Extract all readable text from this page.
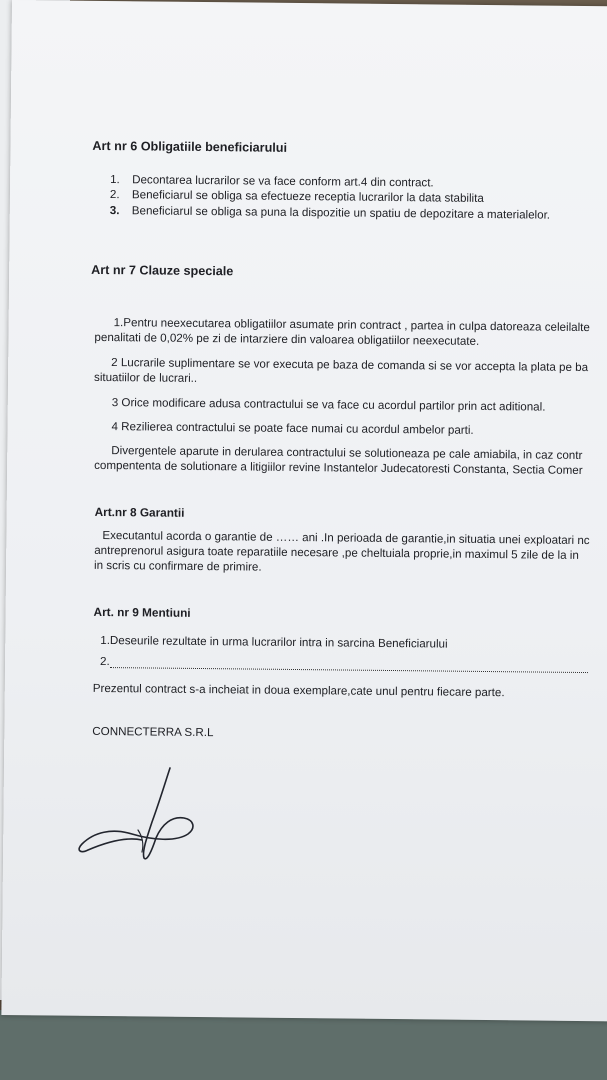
Art nr 6 Obligatiile beneficiarului
1. Decontarea lucrarilor se va face conform art.4 din contract.
2. Beneficiarul se obliga sa efectueze receptia lucrarilor la data stabilita
3. Beneficiarul se obliga sa puna la dispozitie un spatiu de depozitare a materialelor.
Art nr 7 Clauze speciale
1.Pentru neexecutarea obligatiilor asumate prin contract , partea in culpa datoreaza celeilalte
penalitati de 0,02% pe zi de intarziere din valoarea obligatiilor neexecutate.
2 Lucrarile suplimentare se vor executa pe baza de comanda si se vor accepta la plata pe ba
situatiilor de lucrari..
3 Orice modificare adusa contractului se va face cu acordul partilor prin act aditional.
4 Rezilierea contractului se poate face numai cu acordul ambelor parti.
Divergentele aparute in derularea contractului se solutioneaza pe cale amiabila, in caz contr
compententa de solutionare a litigiilor revine Instantelor Judecatoresti Constanta, Sectia Comer
Art.nr 8 Garantii
Executantul acorda o garantie de …… ani .In perioada de garantie,in situatia unei exploatari nc
antreprenorul asigura toate reparatiile necesare ,pe cheltuiala proprie,in maximul 5 zile de la in
in scris cu confirmare de primire.
Art. nr 9 Mentiuni
1.Deseurile rezultate in urma lucrarilor intra in sarcina Beneficiarului
2.
Prezentul contract s-a incheiat in doua exemplare,cate unul pentru fiecare parte.
CONNECTERRA S.R.L
